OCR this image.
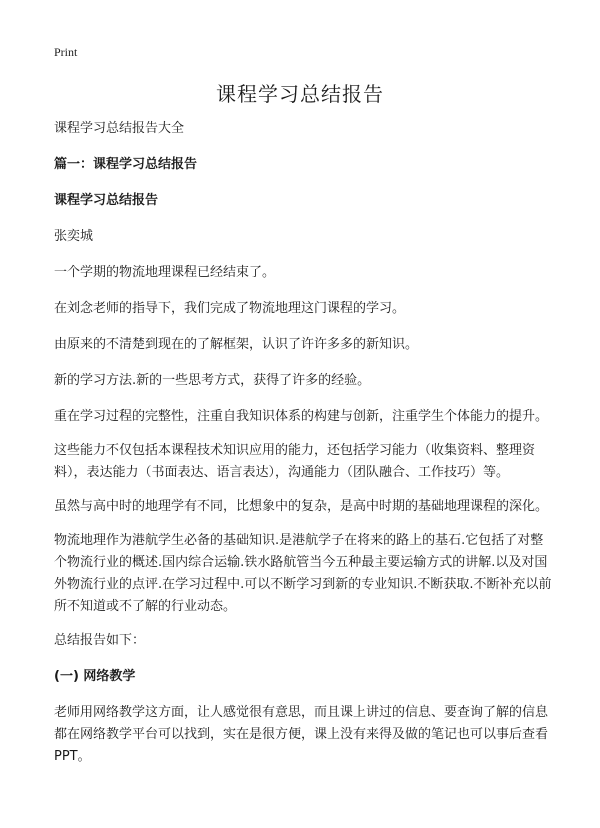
Print
课程学习总结报告

课程学习总结报告大全

篇一：课程学习总结报告

课程学习总结报告

张奕城

一个学期的物流地理课程已经结束了。

在刘念老师的指导下，我们完成了物流地理这门课程的学习。

由原来的不清楚到现在的了解框架，认识了许许多多的新知识。

新的学习方法.新的一些思考方式，获得了许多的经验。

重在学习过程的完整性，注重自我知识体系的构建与创新，注重学生个体能力的提升。

这些能力不仅包括本课程技术知识应用的能力，还包括学习能力（收集资料、整理资料），表达能力（书面表达、语言表达），沟通能力（团队融合、工作技巧）等。

虽然与高中时的地理学有不同，比想象中的复杂，是高中时期的基础地理课程的深化。

物流地理作为港航学生必备的基础知识.是港航学子在将来的路上的基石.它包括了对整个物流行业的概述.国内综合运输.铁水路航管当今五种最主要运输方式的讲解.以及对国外物流行业的点评.在学习过程中.可以不断学习到新的专业知识.不断获取.不断补充以前所不知道或不了解的行业动态。

总结报告如下：

(一) 网络教学

老师用网络教学这方面，让人感觉很有意思，而且课上讲过的信息、要查询了解的信息都在网络教学平台可以找到，实在是很方便，课上没有来得及做的笔记也可以事后查看PPT。
